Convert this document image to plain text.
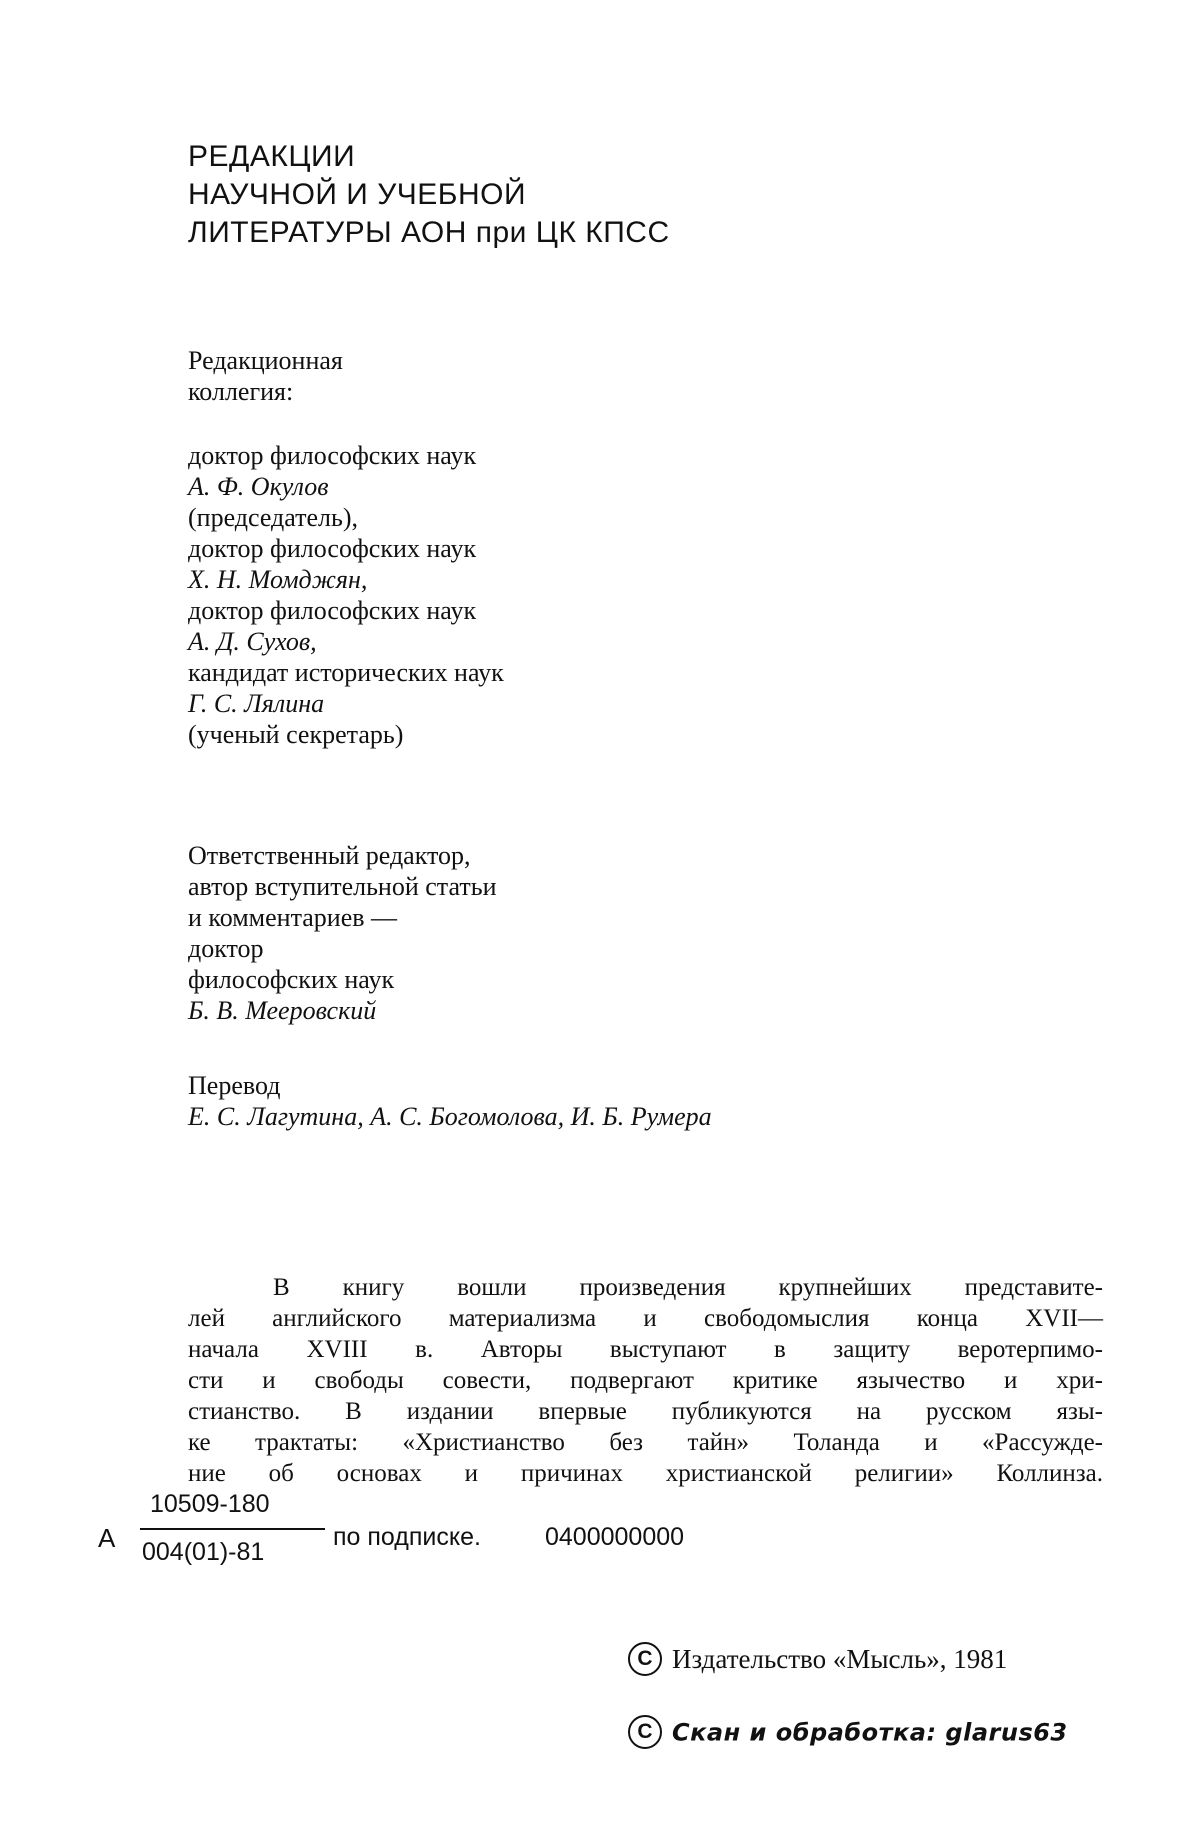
РЕДАКЦИИ
НАУЧНОЙ И УЧЕБНОЙ
ЛИТЕРАТУРЫ АОН при ЦК КПСС
Редакционная
коллегия:
доктор философских наук
А. Ф. Окулов
(председатель),
доктор философских наук
Х. Н. Момджян,
доктор философских наук
А. Д. Сухов,
кандидат исторических наук
Г. С. Лялина
(ученый секретарь)
Ответственный редактор,
автор вступительной статьи
и комментариев —
доктор
философских наук
Б. В. Мееровский
Перевод
Е. С. Лагутина, А. С. Богомолова, И. Б. Румера
В книгу вошли произведения крупнейших представите-
лей английского материализма и свободомыслия конца XVII—
начала XVIII в. Авторы выступают в защиту веротерпимо-
сти и свободы совести, подвергают критике язычество и хри-
стианство. В издании впервые публикуются на русском язы-
ке трактаты: «Христианство без тайн» Толанда и «Рассужде-
ние об основах и причинах христианской религии» Коллинза.
А
10509-180
004(01)-81
по подписке.	0400000000
C Издательство «Мысль», 1981
C Скан и обработка: glarus63
